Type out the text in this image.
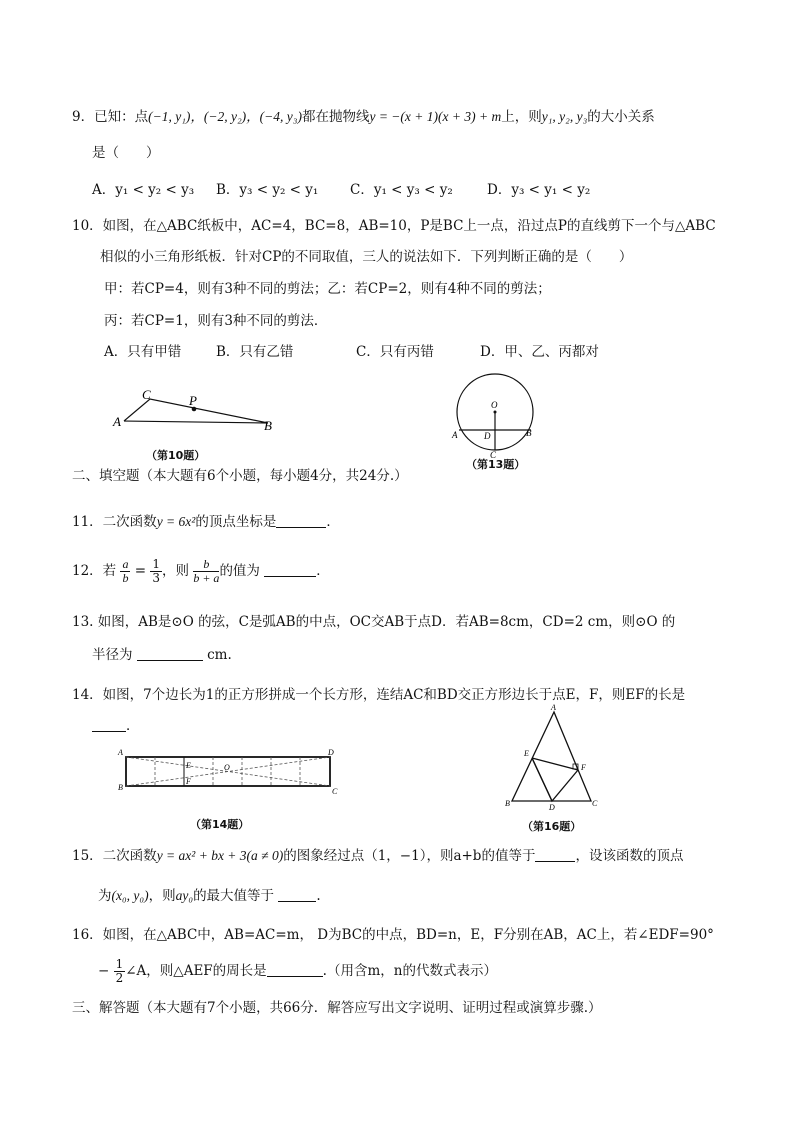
9．已知：点(−1, y₁)，(−2, y₂)，(−4, y₃)都在抛物线y = −(x + 1)(x + 3) + m上，则y₁, y₂, y₃的大小关系
是（　　）
A．y₁ < y₂ < y₃ B．y₃ < y₂ < y₁ C．y₁ < y₃ < y₂	D．y₃ < y₁ < y₂
10．如图，在△ABC纸板中，AC=4，BC=8，AB=10，P是BC上一点，沿过点P的直线剪下一个与△ABC
相似的小三角形纸板．针对CP的不同取值，三人的说法如下．下列判断正确的是（　　）
甲：若CP=4，则有3种不同的剪法；乙：若CP=2，则有4种不同的剪法；
丙：若CP=1，则有3种不同的剪法．
A．只有甲错	B．只有乙错	C．只有丙错	D．甲、乙、丙都对
A
C	P
B
（第10题）
O
A	B
D
C
（第13题）
二、填空题（本大题有6个小题，每小题4分，共24分.）
11．二次函数y = 6x²的顶点坐标是	．
12．若 $\frac{a}{b} = \frac{1}{3}$ ，则 $\frac{b}{b + a}$ 的值为	．
13. 如图，AB是⊙O 的弦，C是弧AB的中点，OC交AB于点D．若AB=8cm，CD=2 cm，则⊙O 的
半径为	cm.
14．如图，7个边长为1的正方形拼成一个长方形，连结AC和BD交正方形边长于点E，F，则EF的长是
．
A
B
D
C
E
F
O
（第14题）
A
B	C
D
E
F
（第16题）
15．二次函数y = ax² + bx + 3(a ≠ 0)的图象经过点（1，−1），则a+b的值等于	，设该函数的顶点
为(x₀, y₀)，则ay₀的最大值等于	.
16．如图，在△ABC中，AB=AC=m， D为BC的中点，BD=n，E，F分别在AB，AC上，若∠EDF=90°
− $\frac{1}{2}$ ∠A，则△AEF的周长是	.（用含m，n的代数式表示）
三、解答题（本大题有7个小题，共66分．解答应写出文字说明、证明过程或演算步骤.）
